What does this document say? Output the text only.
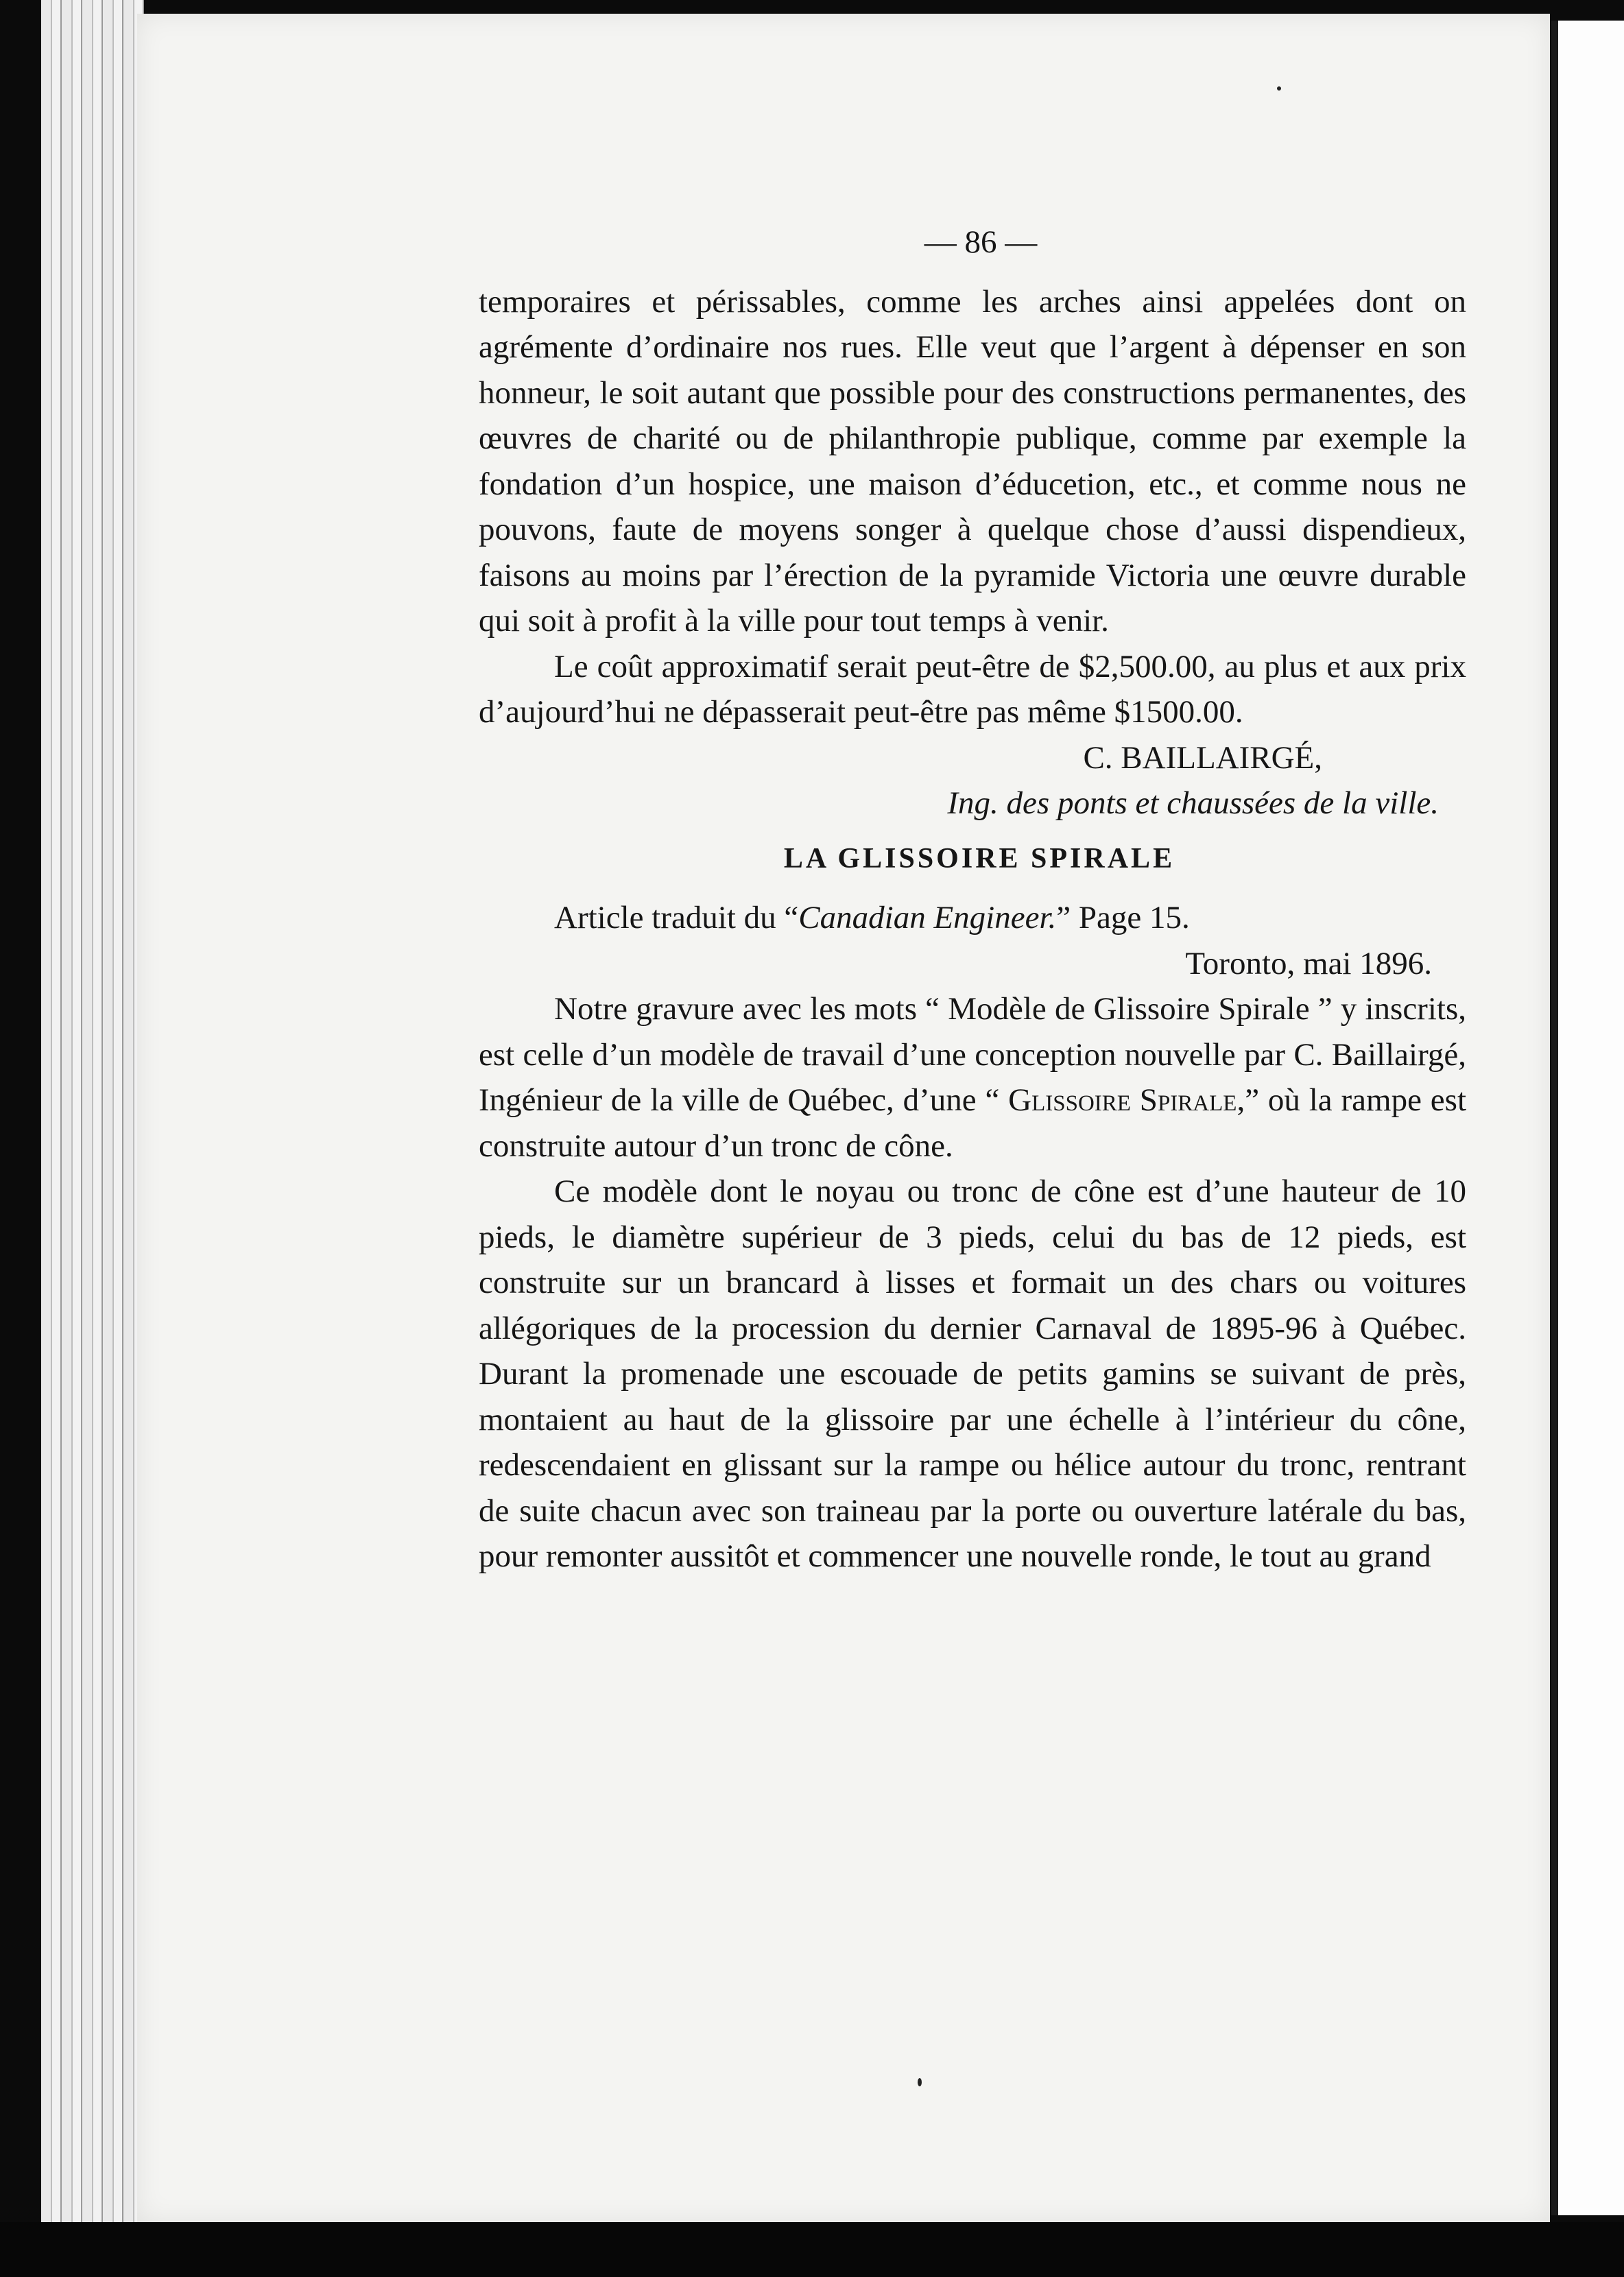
— 86 —

temporaires et périssables, comme les arches ainsi appelées dont on agrémente d’ordinaire nos rues. Elle veut que l’argent à dépenser en son honneur, le soit autant que possible pour des constructions permanentes, des œuvres de charité ou de philanthropie publique, comme par exemple la fondation d’un hospice, une maison d’éducetion, etc., et comme nous ne pouvons, faute de moyens songer à quelque chose d’aussi dispendieux, faisons au moins par l’érection de la pyramide Victoria une œuvre durable qui soit à profit à la ville pour tout temps à venir.

Le coût approximatif serait peut-être de $2,500.00, au plus et aux prix d’aujourd’hui ne dépasserait peut-être pas même $1500.00.

C. BAILLAIRGÉ,
Ing. des ponts et chaussées de la ville.
LA GLISSOIRE SPIRALE
Article traduit du “Canadian Engineer.” Page 15.
Toronto, mai 1896.

Notre gravure avec les mots “ Modèle de Glissoire Spirale ” y inscrits, est celle d’un modèle de travail d’une conception nouvelle par C. Baillairgé, Ingénieur de la ville de Québec, d’une “ Glissoire Spirale,” où la rampe est construite autour d’un tronc de cône.

Ce modèle dont le noyau ou tronc de cône est d’une hauteur de 10 pieds, le diamètre supérieur de 3 pieds, celui du bas de 12 pieds, est construite sur un brancard à lisses et formait un des chars ou voitures allégoriques de la procession du dernier Carnaval de 1895-96 à Québec. Durant la promenade une escouade de petits gamins se suivant de près, montaient au haut de la glissoire par une échelle à l’intérieur du cône, redescendaient en glissant sur la rampe ou hélice autour du tronc, rentrant de suite chacun avec son traineau par la porte ou ouverture latérale du bas, pour remonter aussitôt et commencer une nouvelle ronde, le tout au grand
